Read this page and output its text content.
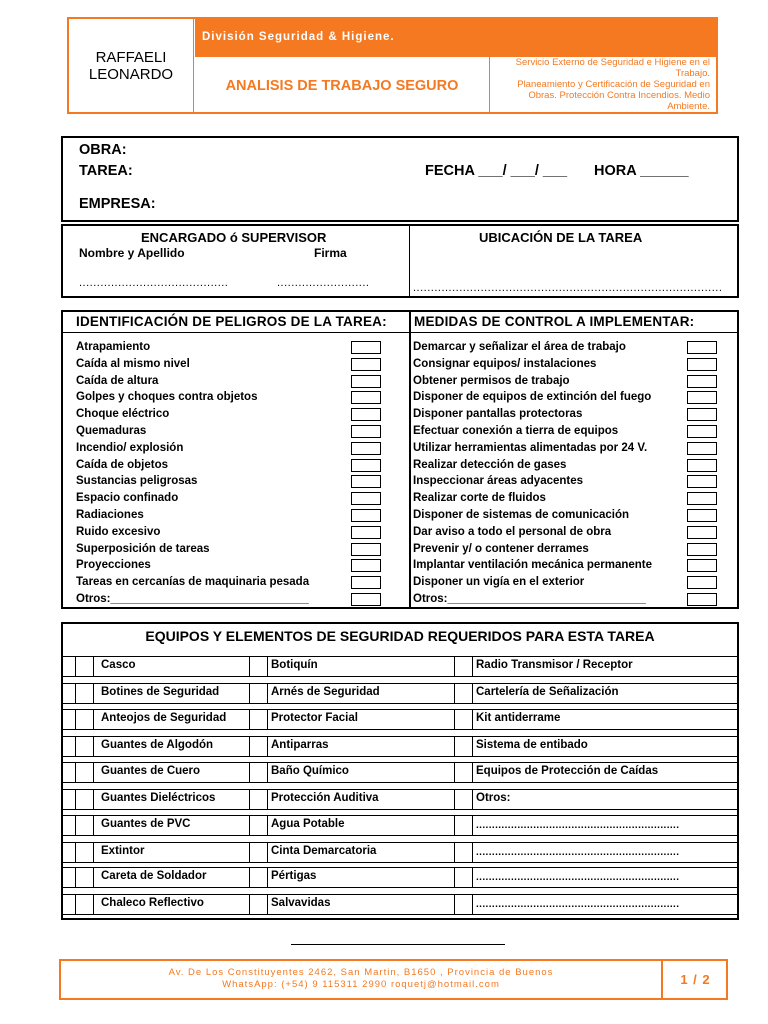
RAFFAELI
LEONARDO
División Seguridad & Higiene.
ANALISIS DE TRABAJO SEGURO
Servicio Externo de Seguridad e Higiene en el Trabajo.
Planeamiento y Certificación de Seguridad en Obras. Protección Contra Incendios. Medio Ambiente.
OBRA:
TAREA:	FECHA ___/ ___/ ___ HORA ______
EMPRESA:
ENCARGADO ó SUPERVISOR
Nombre y Apellido	Firma
..........................................	..........................
UBICACIÓN DE LA TAREA
.......................................................................................
IDENTIFICACIÓN DE PELIGROS DE LA TAREA: MEDIDAS DE CONTROL A IMPLEMENTAR:
Atrapamiento
Caída al mismo nivel
Caída de altura
Golpes y choques contra objetos
Choque eléctrico
Quemaduras
Incendio/ explosión
Caída de objetos
Sustancias peligrosas
Espacio confinado
Radiaciones
Ruido excesivo
Superposición de tareas
Proyecciones
Tareas en cercanías de maquinaria pesada
Otros:_______________________________
Demarcar y señalizar el área de trabajo
Consignar equipos/ instalaciones
Obtener permisos de trabajo
Disponer de equipos de extinción del fuego
Disponer pantallas protectoras
Efectuar conexión a tierra de equipos
Utilizar herramientas alimentadas por 24 V.
Realizar detección de gases
Inspeccionar áreas adyacentes
Realizar corte de fluidos
Disponer de sistemas de comunicación
Dar aviso a todo el personal de obra
Prevenir y/ o contener derrames
Implantar ventilación mecánica permanente
Disponer un vigía en el exterior
Otros:_______________________________
EQUIPOS Y ELEMENTOS DE SEGURIDAD REQUERIDOS PARA ESTA TAREA
Casco	Botiquín	Radio Transmisor / Receptor
Botines de Seguridad	Arnés de Seguridad	Cartelería de Señalización
Anteojos de Seguridad	Protector Facial	Kit antiderrame
Guantes de Algodón	Antiparras	Sistema de entibado
Guantes de Cuero	Baño Químico	Equipos de Protección de Caídas
Guantes Dieléctricos	Protección Auditiva	Otros:
Guantes de PVC	Agua Potable	................................................................
Extintor	Cinta Demarcatoria	................................................................
Careta de Soldador	Pértigas	................................................................
Chaleco Reflectivo	Salvavidas	................................................................
Av. De Los Constituyentes 2462, San Martin, B1650 , Provincia de Buenos
WhatsApp: (+54) 9 115311 2990 roquetj@hotmail.com	1 / 2
